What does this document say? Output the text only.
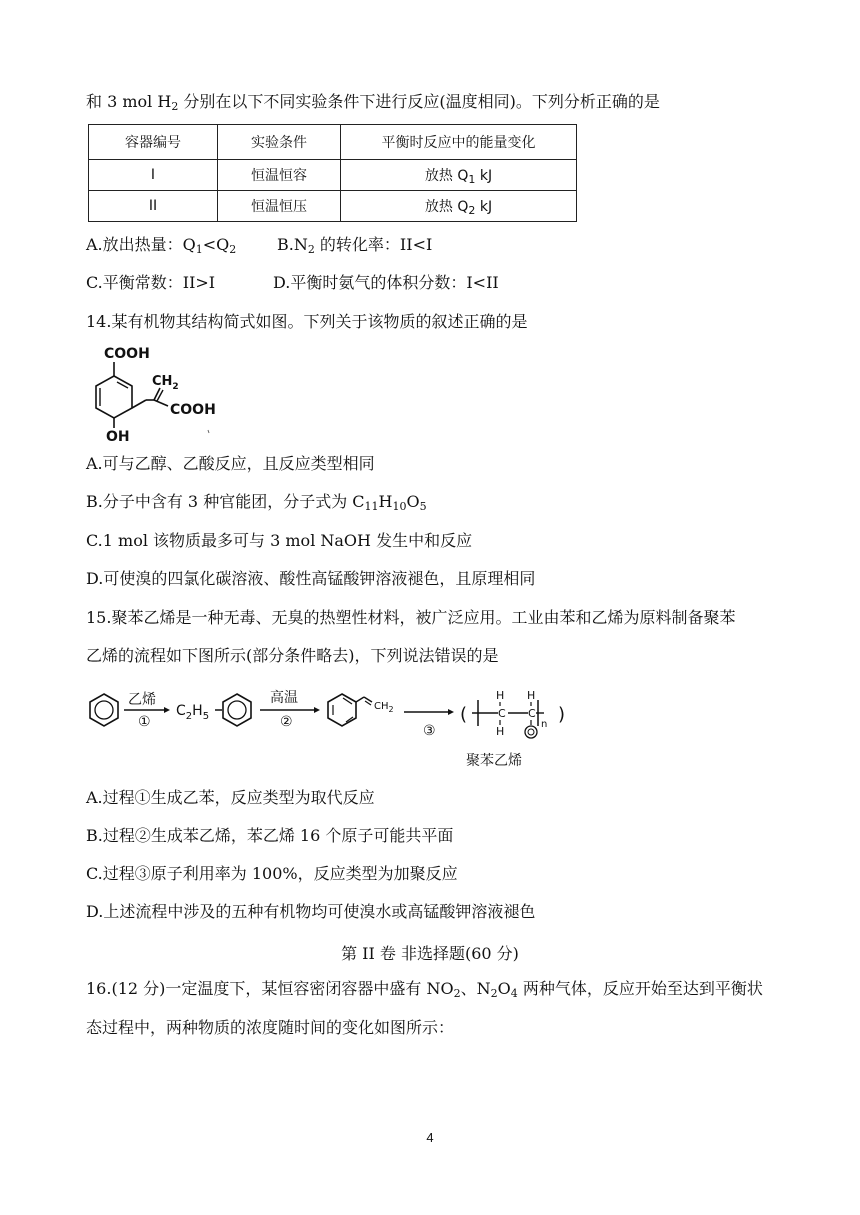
和 3 mol $H_2$ 分别在以下不同实验条件下进行反应(温度相同)。下列分析正确的是
容器编号	实验条件	平衡时反应中的能量变化
I	恒温恒容	放热 $Q_1$ kJ
II	恒温恒压	放热 $Q_2$ kJ
A.放出热量：$Q_1<Q_2$	$B.N_2$ 的转化率：II<I
C.平衡常数：II>I	D.平衡时氨气的体积分数：I<II
14.某有机物其结构简式如图。下列关于该物质的叙述正确的是
COOH
$CH_2$
COOH
OH
A.可与乙醇、乙酸反应，且反应类型相同
B.分子中含有 3 种官能团，分子式为 $C_{11}H_{10}O_5$
C.1 mol 该物质最多可与 3 mol NaOH 发生中和反应
D.可使溴的四氯化碳溶液、酸性高锰酸钾溶液褪色，且原理相同
15.聚苯乙烯是一种无毒、无臭的热塑性材料，被广泛应用。工业由苯和乙烯为原料制备聚苯
乙烯的流程如下图所示(部分条件略去)，下列说法错误的是
乙烯
①
$C_2H_5$
高温
②
$CH_2$
③
(	C C
H H
H
n )
聚苯乙烯
A.过程①生成乙苯，反应类型为取代反应
B.过程②生成苯乙烯，苯乙烯 16 个原子可能共平面
C.过程③原子利用率为 100%，反应类型为加聚反应
D.上述流程中涉及的五种有机物均可使溴水或高锰酸钾溶液褪色
第 II 卷 非选择题(60 分)
16.(12 分)一定温度下，某恒容密闭容器中盛有 $NO_2$、$N_2O_4$ 两种气体，反应开始至达到平衡状
态过程中，两种物质的浓度随时间的变化如图所示：
4
